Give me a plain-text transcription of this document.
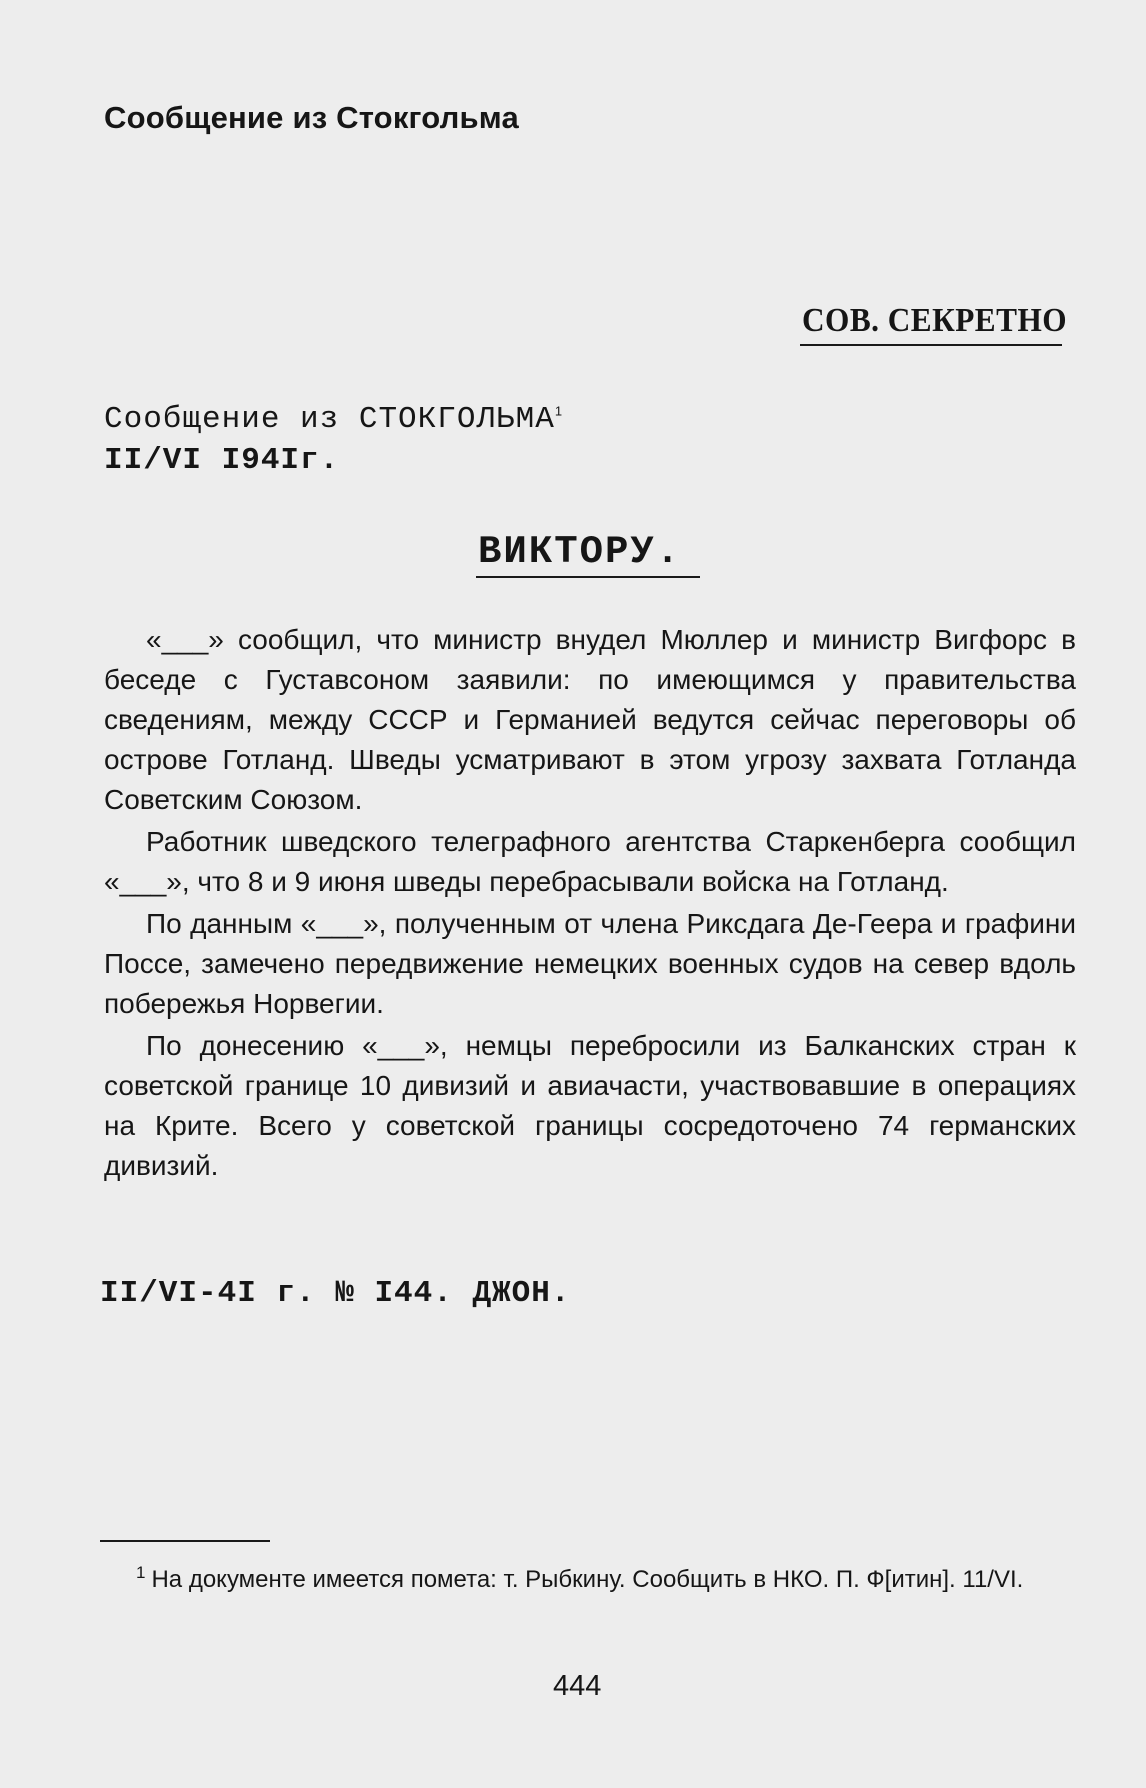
Сообщение из Стокгольма
СОВ. СЕКРЕТНО
Сообщение из СТОКГОЛЬМА$^1$
II/VI I94Iг.
ВИКТОРУ.

«___» сообщил, что министр внудел Мюллер и министр Вигфорс в беседе с Густавсоном заявили: по имеющимся у правительства сведениям, между СССР и Германией ведутся сейчас переговоры об острове Готланд. Шведы усматривают в этом угрозу захвата Готланда Советским Союзом.

Работник шведского телеграфного агентства Старкенберга сообщил «___», что 8 и 9 июня шведы перебрасывали войска на Готланд.

По данным «___», полученным от члена Риксдага Де-Геера и графини Поссе, замечено передвижение немецких военных судов на север вдоль побережья Норвегии.

По донесению «___», немцы перебросили из Балканских стран к советской границе 10 дивизий и авиачасти, участвовавшие в операциях на Крите. Всего у советской границы сосредоточено 74 германских дивизий.

II/VI-4I г. № I44. ДЖОН.
$^1$ На документе имеется помета: т. Рыбкину. Сообщить в НКО. П. Ф[итин]. 11/VI.
444
